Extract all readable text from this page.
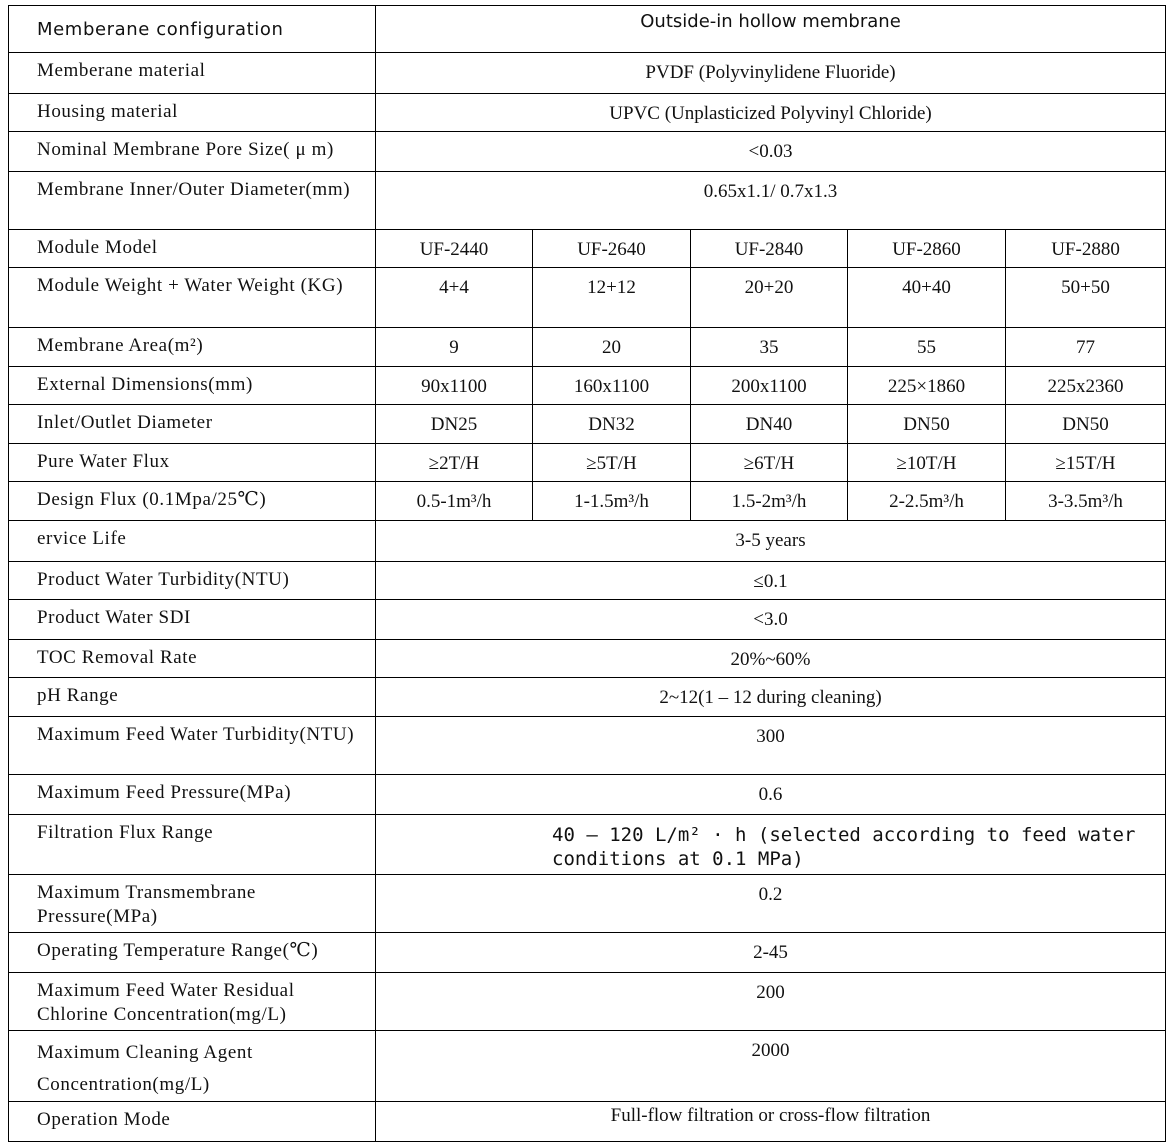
Memberane configuration	Outside-in hollow membrane				
Memberane material	PVDF (Polyvinylidene Fluoride)				
Housing material	UPVC (Unplasticized Polyvinyl Chloride)				
Nominal Membrane Pore Size( μ m)	<0.03				
Membrane Inner/Outer Diameter(mm)	0.65x1.1/ 0.7x1.3				
Module Model	UF-2440	UF-2640	UF-2840	UF-2860	UF-2880
Module Weight + Water Weight (KG)	4+4	12+12	20+20	40+40	50+50
Membrane Area(m²)	9	20	35	55	77
External Dimensions(mm)	90x1100	160x1100	200x1100	225×1860	225x2360
Inlet/Outlet Diameter	DN25	DN32	DN40	DN50	DN50
Pure Water Flux	≥2T/H	≥5T/H	≥6T/H	≥10T/H	≥15T/H
Design Flux (0.1Mpa/25℃)	0.5-1m³/h	1-1.5m³/h	1.5-2m³/h	2-2.5m³/h	3-3.5m³/h
ervice Life	3-5 years				
Product Water Turbidity(NTU)	≤0.1				
Product Water SDI	<3.0				
TOC Removal Rate	20%~60%				
pH Range	2~12(1 – 12 during cleaning)				
Maximum Feed Water Turbidity(NTU)	300				
Maximum Feed Pressure(MPa)	0.6				
Filtration Flux Range	40 – 120 L/m² · h (selected according to feed water conditions at 0.1 MPa)				
Maximum Transmembrane Pressure(MPa)	0.2				
Operating Temperature Range(℃)	2-45				
Maximum Feed Water Residual Chlorine Concentration(mg/L)	200				
Maximum Cleaning Agent Concentration(mg/L)	2000				
Operation Mode	Full-flow filtration or cross-flow filtration				
